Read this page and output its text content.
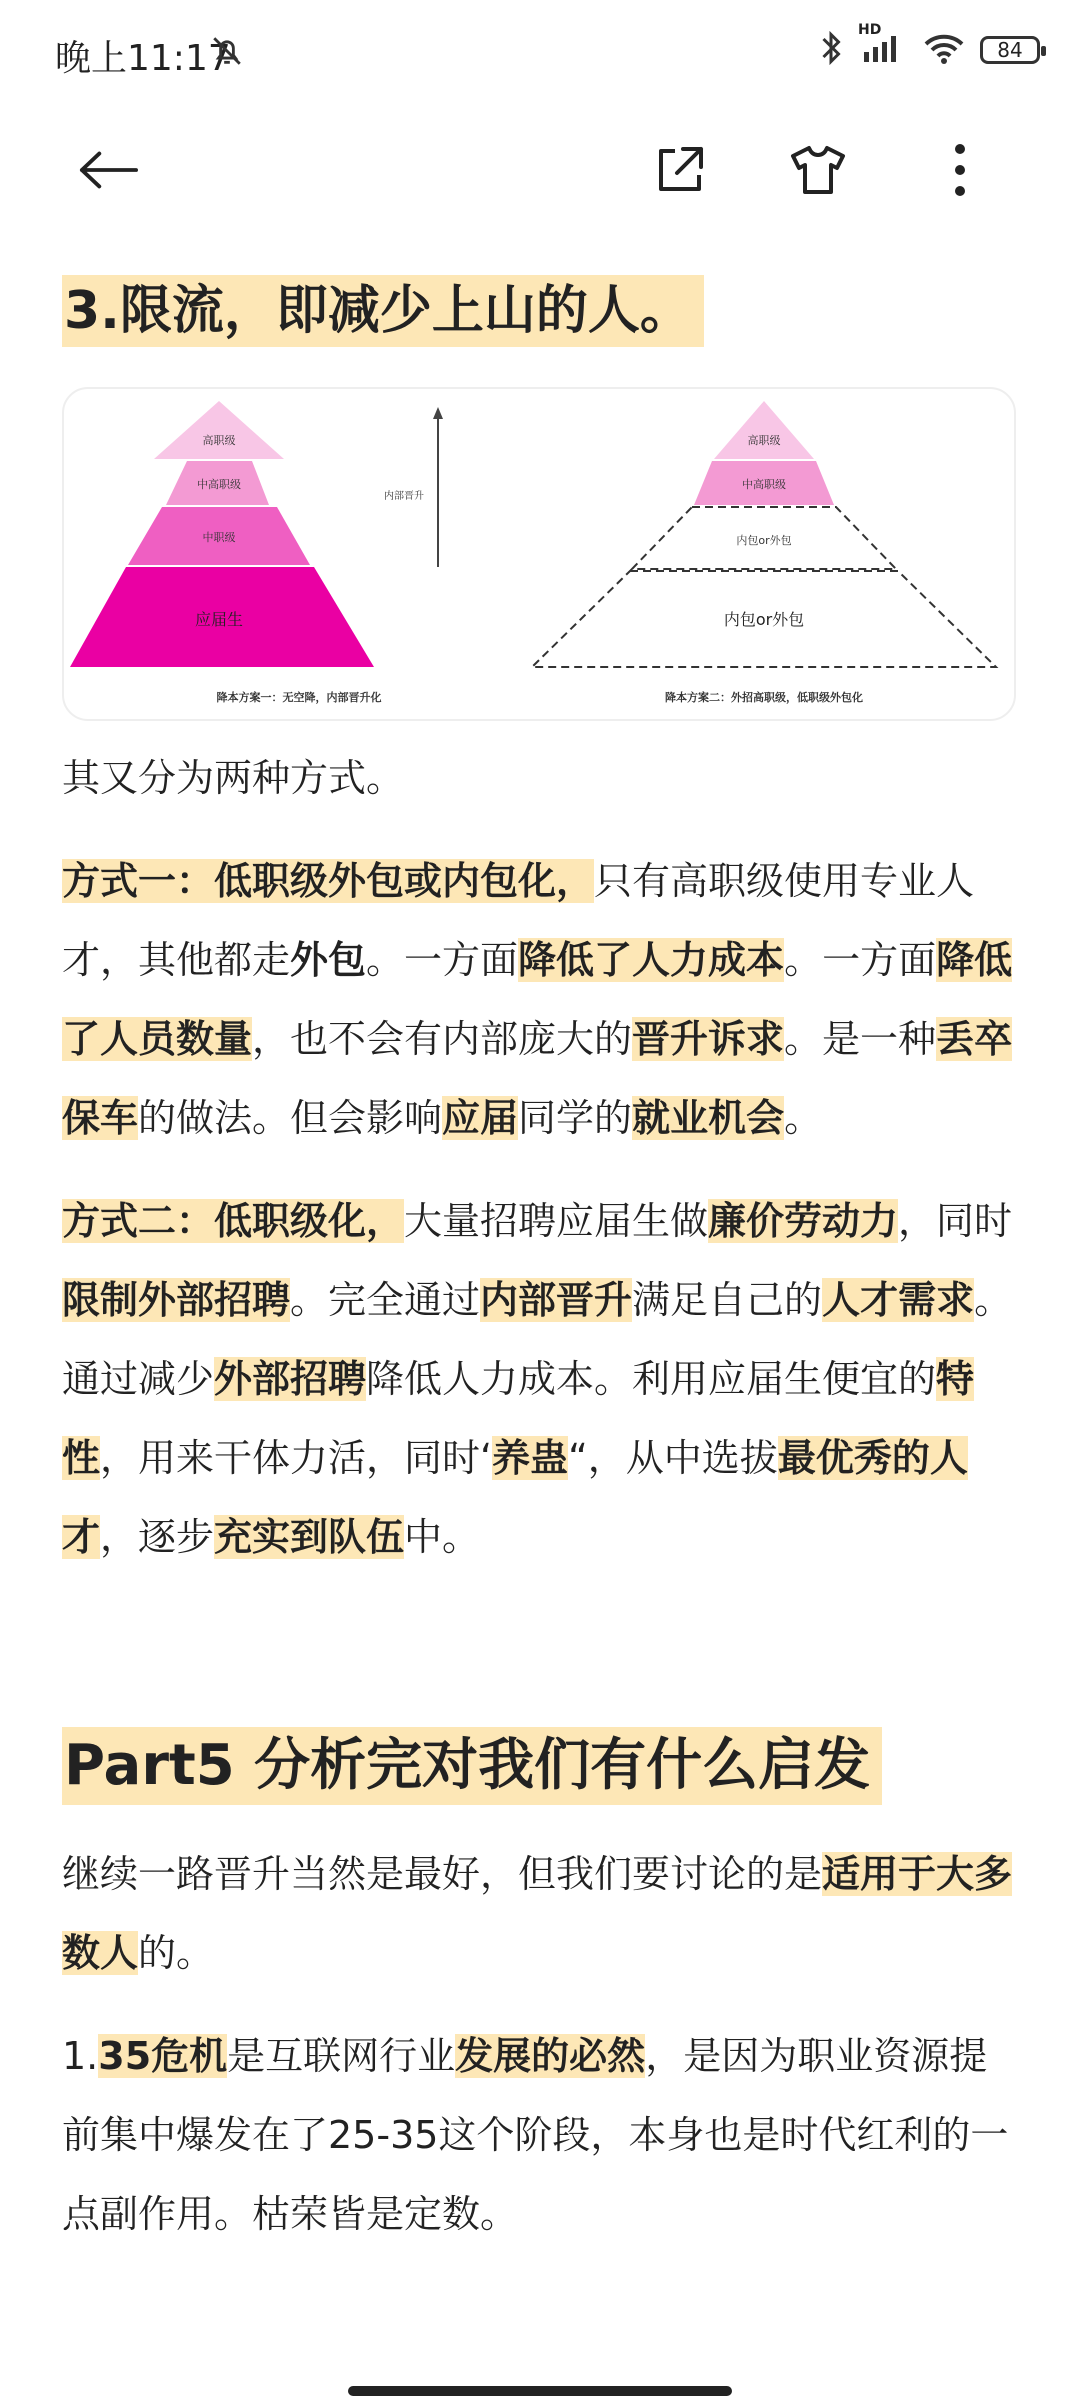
晚上11:17
HD
84
3.限流，即减少上山的人。
高职级
中高职级
中职级
应届生
内部晋升
降本方案一：无空降，内部晋升化
高职级
中高职级
内包or外包
内包or外包
降本方案二：外招高职级，低职级外包化

其又分为两种方式。

方式一：低职级外包或内包化，只有高职级使用专业人才，其他都走外包。一方面降低了人力成本。一方面降低了人员数量，也不会有内部庞大的晋升诉求。是一种丢卒保车的做法。但会影响应届同学的就业机会。

方式二：低职级化，大量招聘应届生做廉价劳动力，同时限制外部招聘。完全通过内部晋升满足自己的人才需求。通过减少外部招聘降低人力成本。利用应届生便宜的特性，用来干体力活，同时‘养蛊“，从中选拔最优秀的人才，逐步充实到队伍中。

Part5 分析完对我们有什么启发

继续一路晋升当然是最好，但我们要讨论的是适用于大多数人的。

1.35危机是互联网行业发展的必然，是因为职业资源提前集中爆发在了25-35这个阶段，本身也是时代红利的一点副作用。枯荣皆是定数。
